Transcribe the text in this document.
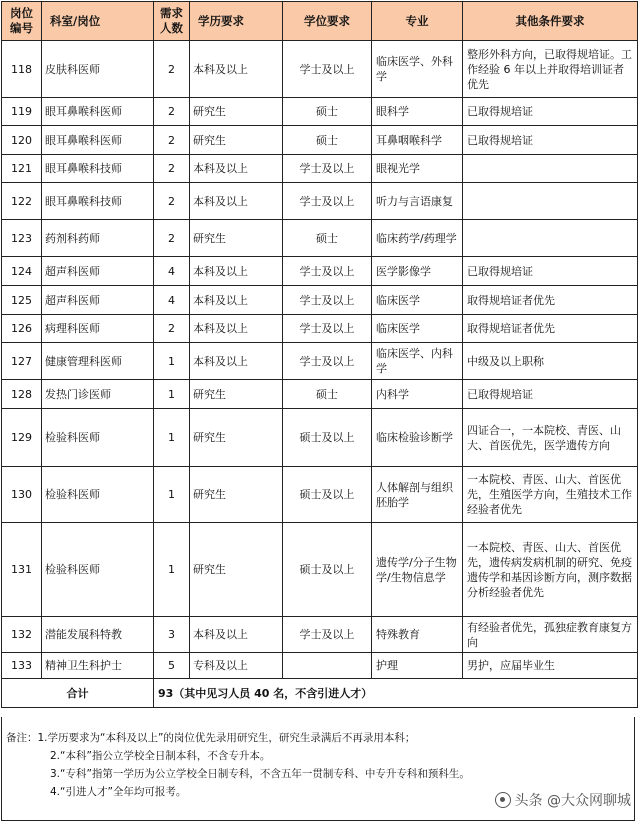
岗位编号	科室/岗位	需求人数	学历要求	学位要求	专业	其他条件要求
118	皮肤科医师	2	本科及以上	学士及以上	临床医学、外科学	整形外科方向，已取得规培证。工作经验 6 年以上并取得培训证者优先
119	眼耳鼻喉科医师	2	研究生	硕士	眼科学	已取得规培证
120	眼耳鼻喉科医师	2	研究生	硕士	耳鼻咽喉科学	已取得规培证
121	眼耳鼻喉科技师	2	本科及以上	学士及以上	眼视光学	
122	眼耳鼻喉科技师	2	本科及以上	学士及以上	听力与言语康复	
123	药剂科药师	2	研究生	硕士	临床药学/药理学	
124	超声科医师	4	本科及以上	学士及以上	医学影像学	已取得规培证
125	超声科医师	4	本科及以上	学士及以上	临床医学	取得规培证者优先
126	病理科医师	2	本科及以上	学士及以上	临床医学	取得规培证者优先
127	健康管理科医师	1	本科及以上	学士及以上	临床医学、内科学	中级及以上职称
128	发热门诊医师	1	研究生	硕士	内科学	已取得规培证
129	检验科医师	1	研究生	硕士及以上	临床检验诊断学	四证合一，一本院校、青医、山大、首医优先，医学遗传方向
130	检验科医师	1	研究生	硕士及以上	人体解剖与组织胚胎学	一本院校、青医、山大、首医优先，生殖医学方向，生殖技术工作经验者优先
131	检验科医师	1	研究生	硕士及以上	遗传学/分子生物学/生物信息学	一本院校、青医、山大、首医优先，遗传病发病机制的研究、免疫遗传学和基因诊断方向，测序数据分析经验者优先
132	潜能发展科特教	3	本科及以上	学士及以上	特殊教育	有经验者优先，孤独症教育康复方向
133	精神卫生科护士	5	专科及以上		护理	男护，应届毕业生
合计		93（其中见习人员 40 名，不含引进人才）				
备注：1.学历要求为“本科及以上”的岗位优先录用研究生，研究生录满后不再录用本科；
2.“本科”指公立学校全日制本科，不含专升本。
3.“专科”指第一学历为公立学校全日制专科，不含五年一贯制专科、中专升专科和预科生。
4.“引进人才”全年均可报考。
头条 @大众网聊城
